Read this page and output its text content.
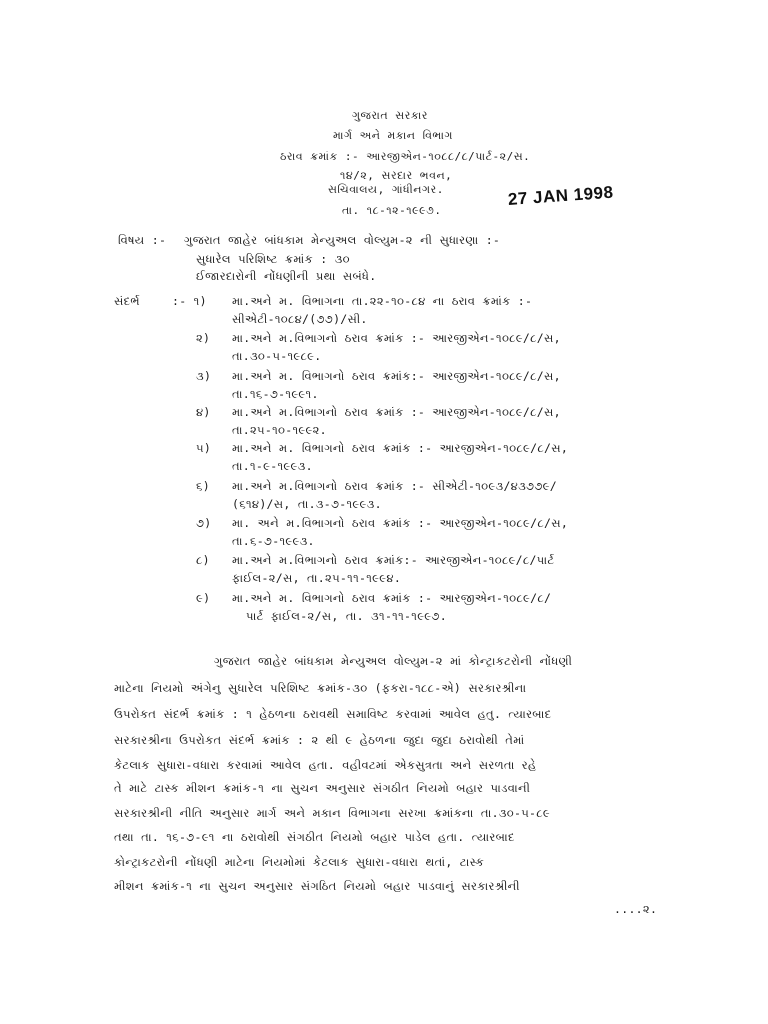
ગુજરાત સરકાર
માર્ગ અને મકાન વિભાગ
ઠરાવ ક્રમાંક :- આરજીએન-૧૦૮૮/૮/પાર્ટ-૨/સ.
૧૪/૨, સરદાર ભવન,
સચિવાલય, ગાંધીનગર.
તા. ૧૮-૧૨-૧૯૯૭.
27 JAN 1998
વિષય :- ગુજરાત જાહેર બાંધકામ મેન્યુઅલ વોલ્યુમ-૨ ની સુધારણા :-
સુધારેલ પરિશિષ્ટ ક્રમાંક : ૩૦
ઈજારદારોની નોંધણીની પ્રથા સબંધે.
સંદર્ભ	:- ૧) મા.અને મ. વિભાગના તા.૨૨-૧૦-૮૪ ના ઠરાવ ક્રમાંક :-
સીએટી-૧૦૮૪/(૭૭)/સી.
૨) મા.અને મ.વિભાગનો ઠરાવ ક્રમાંક :- આરજીએન-૧૦૮૯/૮/સ,
તા.૩૦-૫-૧૯૮૯.
૩) મા.અને મ. વિભાગનો ઠરાવ ક્રમાંક:- આરજીએન-૧૦૮૯/૮/સ,
તા.૧૬-૭-૧૯૯૧.
૪) મા.અને મ.વિભાગનો ઠરાવ ક્રમાંક :- આરજીએન-૧૦૮૯/૮/સ,
તા.૨૫-૧૦-૧૯૯૨.
૫) મા.અને મ. વિભાગનો ઠરાવ ક્રમાંક :- આરજીએન-૧૦૮૯/૮/સ,
તા.૧-૯-૧૯૯૩.
૬) મા.અને મ.વિભાગનો ઠરાવ ક્રમાંક :- સીએટી-૧૦૯૩/૪૩૭૭૯/
(૬૧૪)/સ, તા.૩-૭-૧૯૯૩.
૭) મા. અને મ.વિભાગનો ઠરાવ ક્રમાંક :- આરજીએન-૧૦૮૯/૮/સ,
તા.૬-૭-૧૯૯૩.
૮) મા.અને મ.વિભાગનો ઠરાવ ક્રમાંક:- આરજીએન-૧૦૮૯/૮/પાર્ટ
ફાઈલ-૨/સ, તા.૨૫-૧૧-૧૯૯૪.
૯) મા.અને મ. વિભાગનો ઠરાવ ક્રમાંક :- આરજીએન-૧૦૮૯/૮/
પાર્ટ ફાઈલ-૨/સ, તા. ૩૧-૧૧-૧૯૯૭.
ગુજરાત જાહેર બાંધકામ મેન્યુઅલ વોલ્યુમ-૨ માં કોન્ટ્રાકટરોની નોંધણી
માટેના નિયમો અંગેનુ સુધારેલ પરિશિષ્ટ ક્રમાંક-૩૦ (ફકરા-૧૮૮-એ) સરકારશ્રીના
ઉપરોકત સંદર્ભ ક્રમાંક : ૧ હેઠળના ઠરાવથી સમાવિષ્ટ કરવામાં આવેલ હતુ. ત્યારબાદ
સરકારશ્રીના ઉપરોકત સંદર્ભ ક્રમાંક : ૨ થી ૯ હેઠળના જુદા જુદા ઠરાવોથી તેમાં
કેટલાક સુધારા-વધારા કરવામાં આવેલ હતા. વહીવટમાં એકસુત્રતા અને સરળતા રહે
તે માટે ટાસ્ક મીશન ક્રમાંક-૧ ના સુચન અનુસાર સંગઠીત નિયમો બહાર પાડવાની
સરકારશ્રીની નીતિ અનુસાર માર્ગ અને મકાન વિભાગના સરખા ક્રમાંકના તા.૩૦-૫-૮૯
તથા તા. ૧૬-૭-૯૧ ના ઠરાવોથી સંગઠીત નિયમો બહાર પાડેલ હતા. ત્યારબાદ
કોન્ટ્રાકટરોની નોંધણી માટેના નિયમોમાં કેટલાક સુધારા-વધારા થતાં, ટાસ્ક
મીશન ક્રમાંક-૧ ના સુચન અનુસાર સંગઠિત નિયમો બહાર પાડવાનું સરકારશ્રીની
....૨.
